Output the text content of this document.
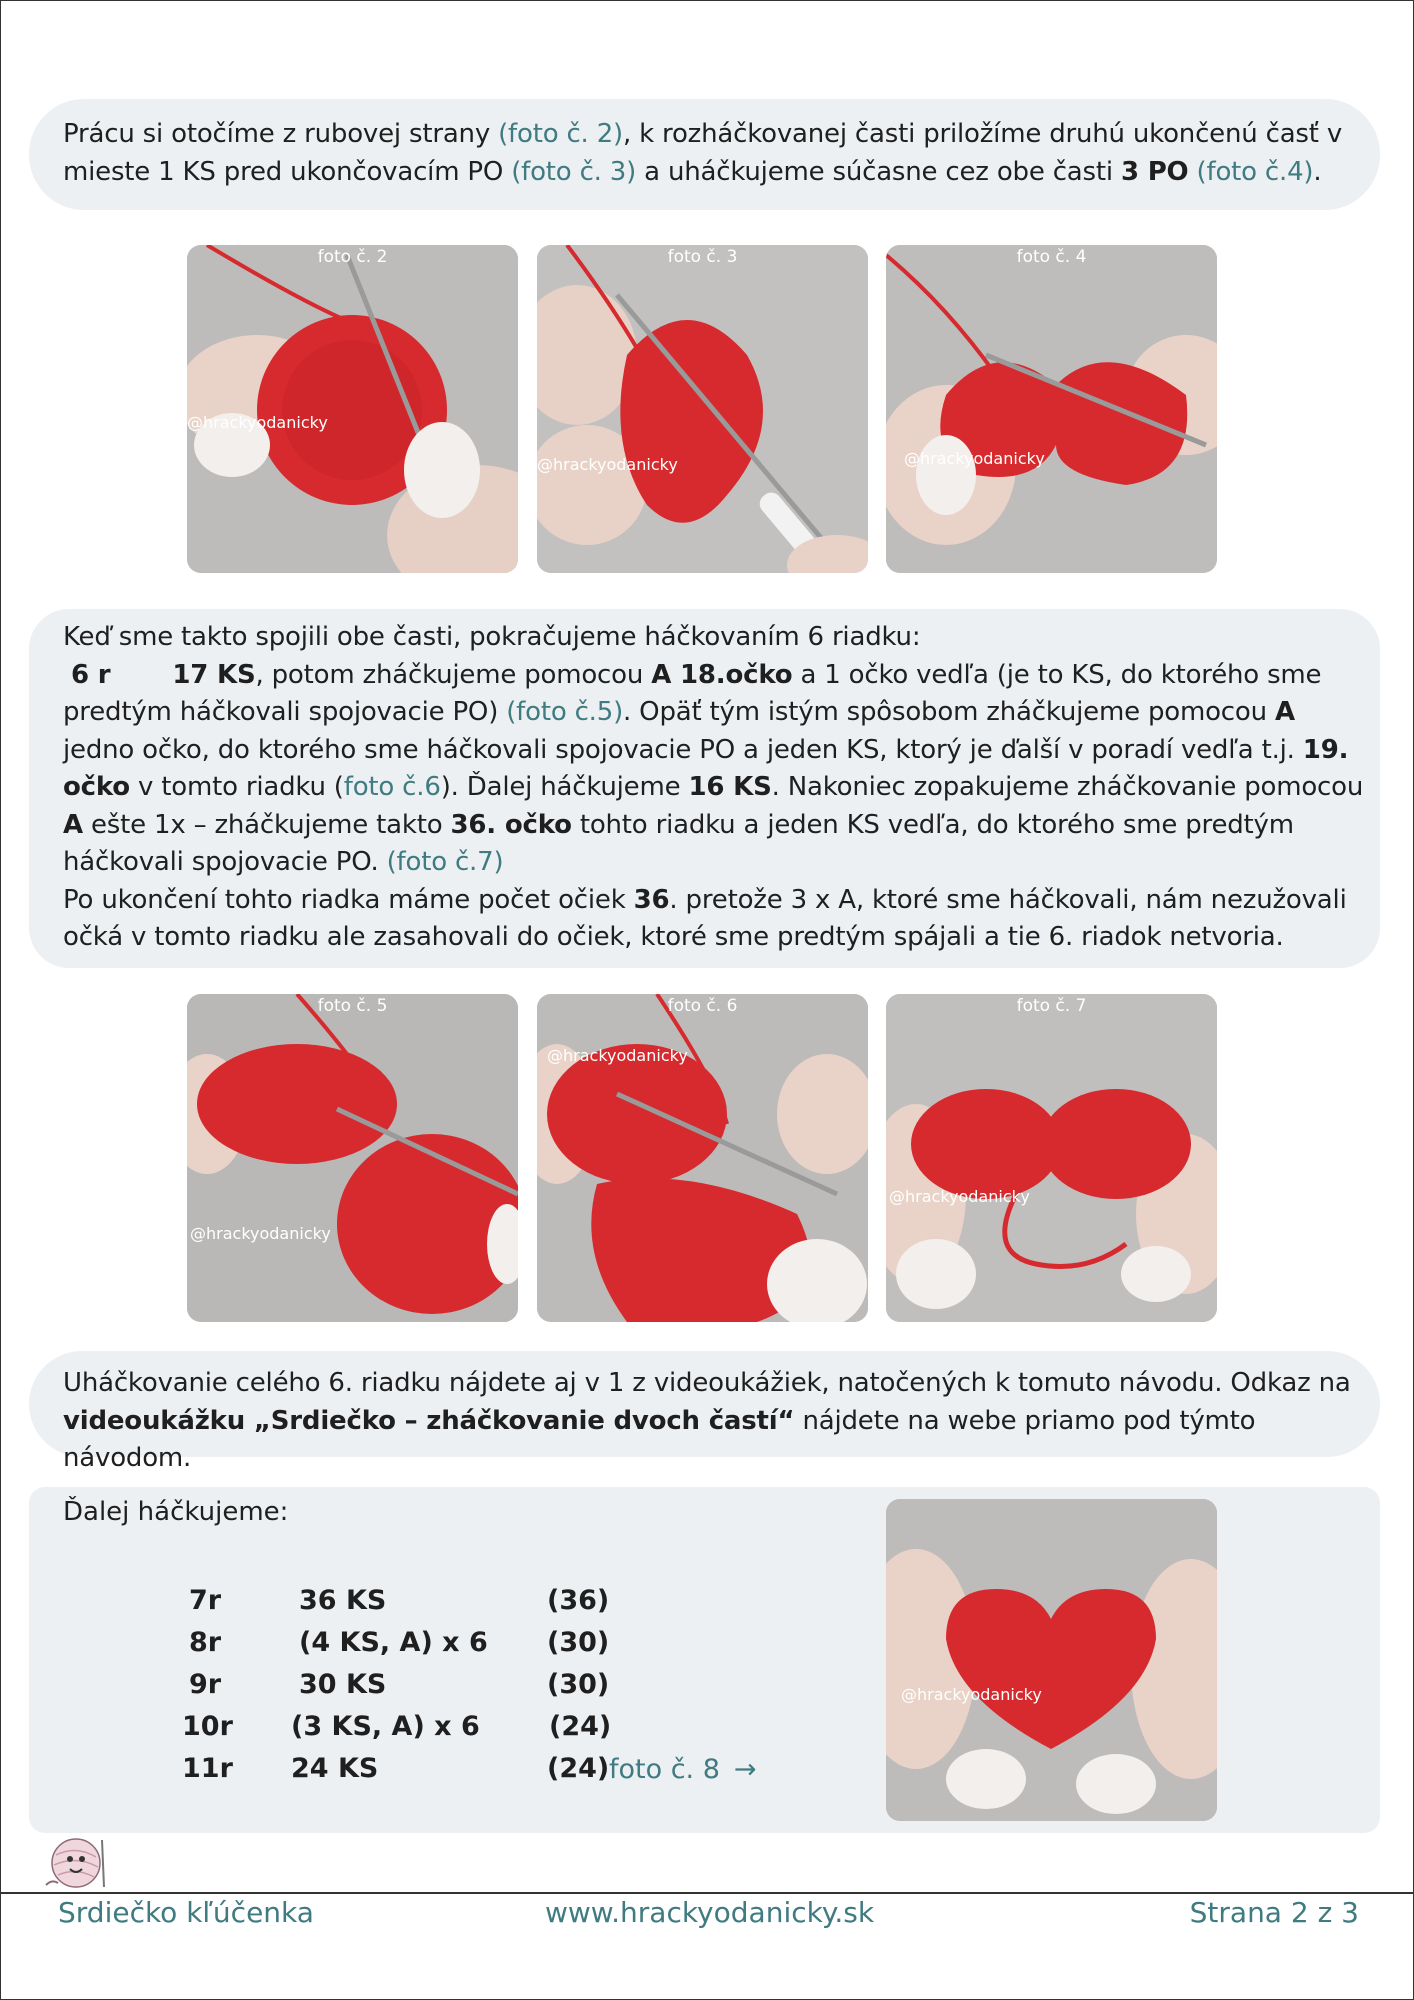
Prácu si otočíme z rubovej strany (foto č. 2), k rozháčkovanej časti priložíme druhú ukončenú časť v mieste 1 KS pred ukončovacím PO (foto č. 3) a uháčkujeme súčasne cez obe časti 3 PO (foto č.4).
foto č. 2
@hrackyodanicky
foto č. 3
@hrackyodanicky
foto č. 4
@hrackyodanicky
Keď sme takto spojili obe časti, pokračujeme háčkovaním 6 riadku:
6 r 17 KS, potom zháčkujeme pomocou A 18.očko a 1 očko vedľa (je to KS, do ktorého sme predtým háčkovali spojovacie PO) (foto č.5). Opäť tým istým spôsobom zháčkujeme pomocou A jedno očko, do ktorého sme háčkovali spojovacie PO a jeden KS, ktorý je ďalší v poradí vedľa t.j. 19. očko v tomto riadku (foto č.6). Ďalej háčkujeme 16 KS. Nakoniec zopakujeme zháčkovanie pomocou A ešte 1x – zháčkujeme takto 36. očko tohto riadku a jeden KS vedľa, do ktorého sme predtým háčkovali spojovacie PO. (foto č.7)
Po ukončení tohto riadka máme počet očiek 36. pretože 3 x A, ktoré sme háčkovali, nám nezužovali očká v tomto riadku ale zasahovali do očiek, ktoré sme predtým spájali a tie 6. riadok netvoria.
foto č. 5
@hrackyodanicky
foto č. 6
@hrackyodanicky
foto č. 7
@hrackyodanicky
Uháčkovanie celého 6. riadku nájdete aj v 1 z videoukážiek, natočených k tomuto návodu. Odkaz na videoukážku „Srdiečko – zháčkovanie dvoch častí“ nájdete na webe priamo pod týmto návodom.
Ďalej háčkujeme:
7r	36 KS	(36)
8r	(4 KS, A) x 6 (30)
9r	30 KS	(30)
10r (3 KS, A) x 6	(24)
11r 24 KS	(24) foto č. 8 →
@hrackyodanicky
Srdiečko kľúčenka	www.hrackyodanicky.sk	Strana 2 z 3
